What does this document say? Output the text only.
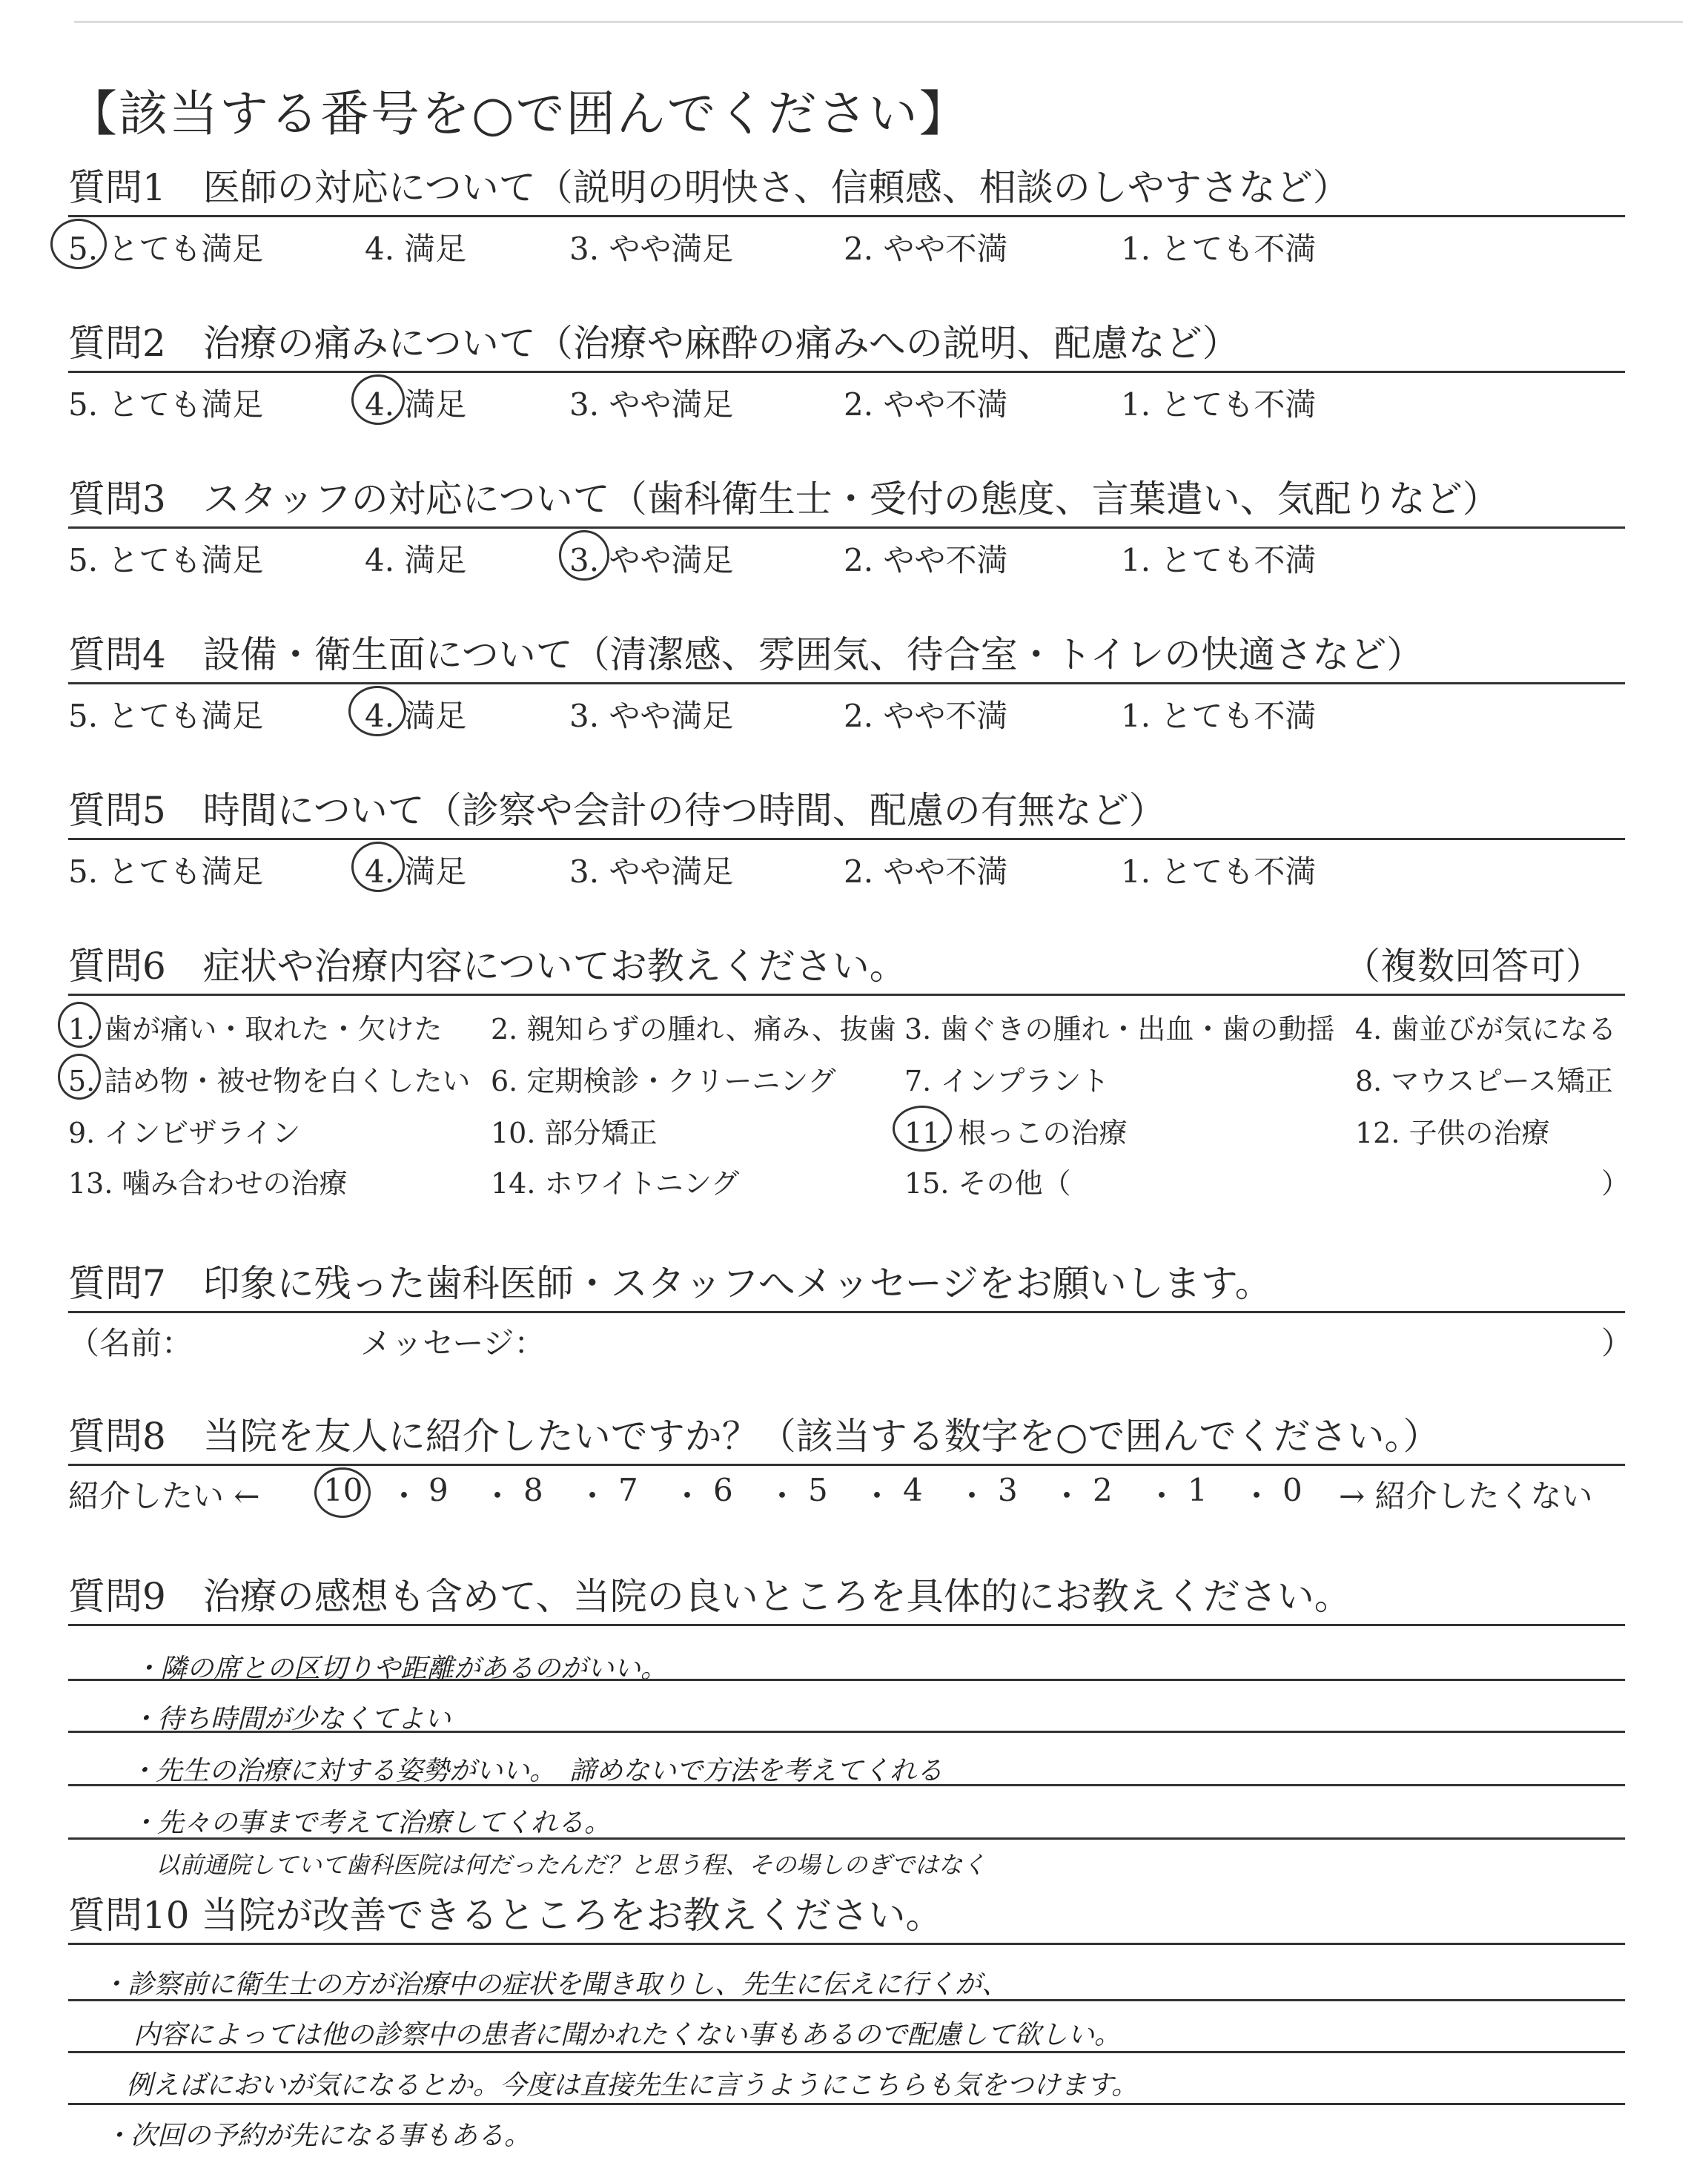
【該当する番号を○で囲んでください】
質問1　医師の対応について（説明の明快さ、信頼感、相談のしやすさなど）
5. とても満足	4. 満足	3. やや満足	2. やや不満	1. とても不満
質問2　治療の痛みについて（治療や麻酔の痛みへの説明、配慮など）
5. とても満足	4. 満足	3. やや満足	2. やや不満	1. とても不満
質問3　スタッフの対応について（歯科衛生士・受付の態度、言葉遣い、気配りなど）
5. とても満足	4. 満足	3. やや満足	2. やや不満	1. とても不満
質問4　設備・衛生面について（清潔感、雰囲気、待合室・トイレの快適さなど）
5. とても満足	4. 満足	3. やや満足	2. やや不満	1. とても不満
質問5　時間について（診察や会計の待つ時間、配慮の有無など）
5. とても満足	4. 満足	3. やや満足	2. やや不満	1. とても不満
質問6　症状や治療内容についてお教えください。	（複数回答可）
1. 歯が痛い・取れた・欠けた 2. 親知らずの腫れ、痛み、抜歯 3. 歯ぐきの腫れ・出血・歯の動揺 4. 歯並びが気になる
5. 詰め物・被せ物を白くしたい 6. 定期検診・クリーニング 7. インプラント	8. マウスピース矯正
9. インビザライン	10. 部分矯正	11. 根っこの治療	12. 子供の治療
13. 噛み合わせの治療	14. ホワイトニング	15. その他（	）
質問7　印象に残った歯科医師・スタッフへメッセージをお願いします。
（名前：	メッセージ：	）
質問8　当院を友人に紹介したいですか？（該当する数字を○で囲んでください。）
紹介したい ← 10 ・ 9 ・ 8 ・ 7 ・ 6 ・ 5 ・ 4 ・ 3 ・ 2 ・ 1 ・ 0 → 紹介したくない
質問9　治療の感想も含めて、当院の良いところを具体的にお教えください。
・隣の席との区切りや距離があるのがいい。
・待ち時間が少なくてよい
・先生の治療に対する姿勢がいい。　諦めないで方法を考えてくれる
・先々の事まで考えて治療してくれる。
以前通院していて歯科医院は何だったんだ？と思う程、その場しのぎではなく
質問10 当院が改善できるところをお教えください。
・診察前に衛生士の方が治療中の症状を聞き取りし、先生に伝えに行くが、
内容によっては他の診察中の患者に聞かれたくない事もあるので配慮して欲しい。
例えばにおいが気になるとか。今度は直接先生に言うようにこちらも気をつけます。
・次回の予約が先になる事もある。
